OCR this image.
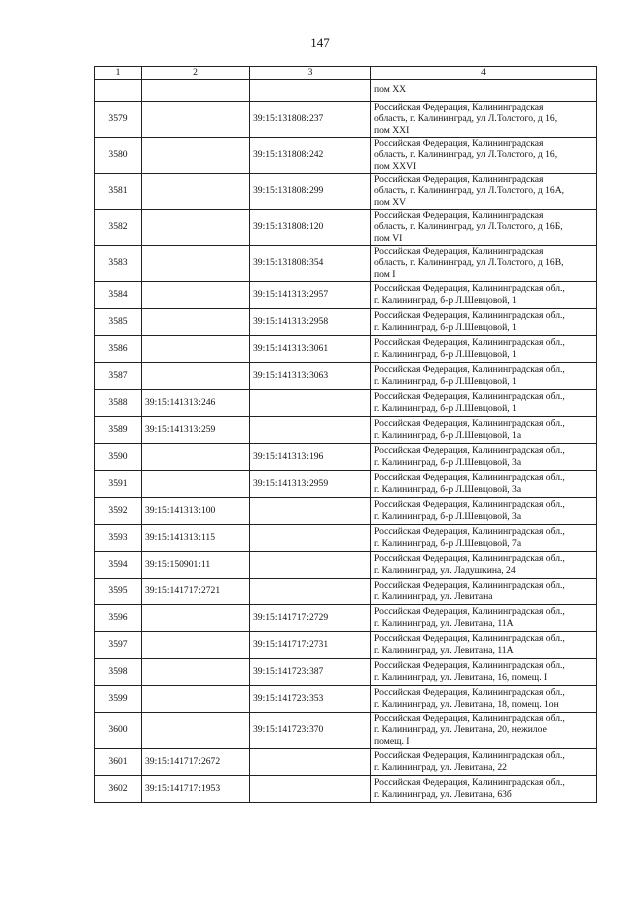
147
1	2	3	4
			пом XX
3579		39:15:131808:237	Российская Федерация, Калининградская
область, г. Калининград, ул Л.Толстого, д 16,
пом XXI
3580		39:15:131808:242	Российская Федерация, Калининградская
область, г. Калининград, ул Л.Толстого, д 16,
пом XXVI
3581		39:15:131808:299	Российская Федерация, Калининградская
область, г. Калининград, ул Л.Толстого, д 16А,
пом XV
3582		39:15:131808:120	Российская Федерация, Калининградская
область, г. Калининград, ул Л.Толстого, д 16Б,
пом VI
3583		39:15:131808:354	Российская Федерация, Калининградская
область, г. Калининград, ул Л.Толстого, д 16В,
пом I
3584		39:15:141313:2957	Российская Федерация, Калининградская обл.,
г. Калининград, б-р Л.Шевцовой, 1
3585		39:15:141313:2958	Российская Федерация, Калининградская обл.,
г. Калининград, б-р Л.Шевцовой, 1
3586		39:15:141313:3061	Российская Федерация, Калининградская обл.,
г. Калининград, б-р Л.Шевцовой, 1
3587		39:15:141313:3063	Российская Федерация, Калининградская обл.,
г. Калининград, б-р Л.Шевцовой, 1
3588	39:15:141313:246		Российская Федерация, Калининградская обл.,
г. Калининград, б-р Л.Шевцовой, 1
3589	39:15:141313:259		Российская Федерация, Калининградская обл.,
г. Калининград, б-р Л.Шевцовой, 1а
3590		39:15:141313:196	Российская Федерация, Калининградская обл.,
г. Калининград, б-р Л.Шевцовой, 3а
3591		39:15:141313:2959	Российская Федерация, Калининградская обл.,
г. Калининград, б-р Л.Шевцовой, 3а
3592	39:15:141313:100		Российская Федерация, Калининградская обл.,
г. Калининград, б-р Л.Шевцовой, 3а
3593	39:15:141313:115		Российская Федерация, Калининградская обл.,
г. Калининград, б-р Л.Шевцовой, 7а
3594	39:15:150901:11		Российская Федерация, Калининградская обл.,
г. Калининград, ул. Ладушкина, 24
3595	39:15:141717:2721		Российская Федерация, Калининградская обл.,
г. Калининград, ул. Левитана
3596		39:15:141717:2729	Российская Федерация, Калининградская обл.,
г. Калининград, ул. Левитана, 11А
3597		39:15:141717:2731	Российская Федерация, Калининградская обл.,
г. Калининград, ул. Левитана, 11А
3598		39:15:141723:387	Российская Федерация, Калининградская обл.,
г. Калининград, ул. Левитана, 16, помещ. I
3599		39:15:141723:353	Российская Федерация, Калининградская обл.,
г. Калининград, ул. Левитана, 18, помещ. 1он
3600		39:15:141723:370	Российская Федерация, Калининградская обл.,
г. Калининград, ул. Левитана, 20, нежилое
помещ. I
3601	39:15:141717:2672		Российская Федерация, Калининградская обл.,
г. Калининград, ул. Левитана, 22
3602	39:15:141717:1953		Российская Федерация, Калининградская обл.,
г. Калининград, ул. Левитана, 63б
